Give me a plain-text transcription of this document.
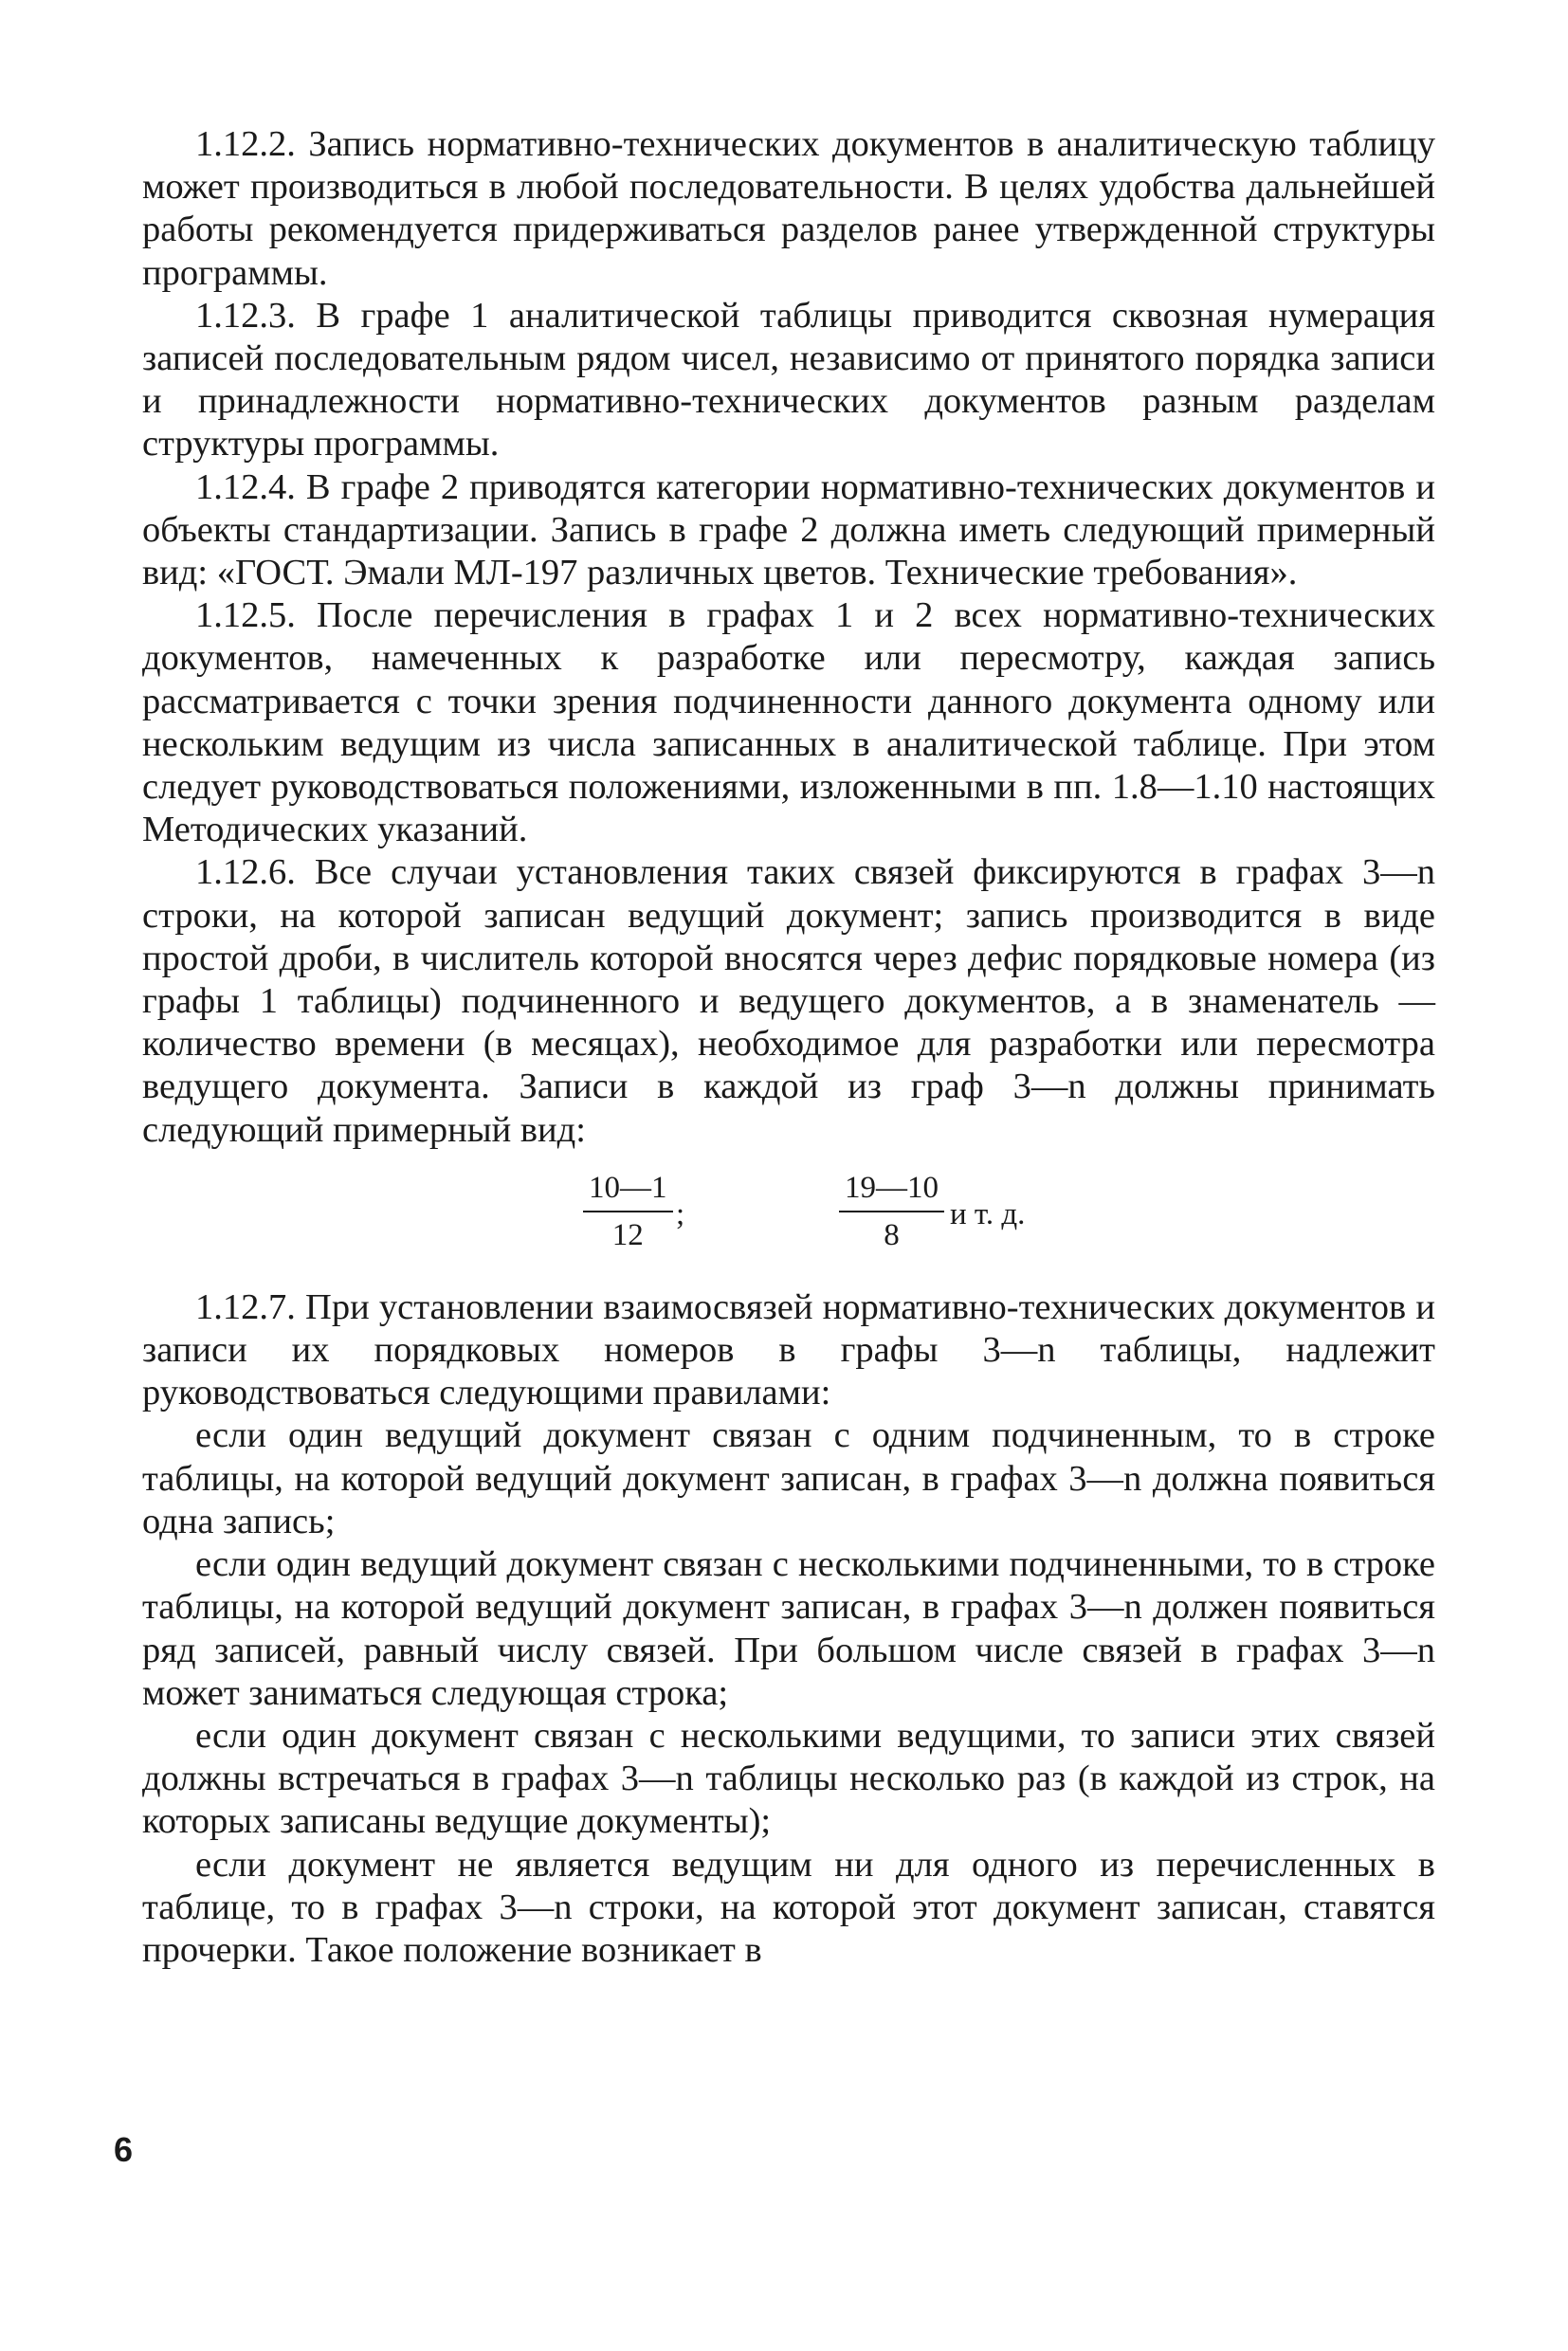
1.12.2. Запись нормативно-технических документов в аналитическую таблицу может производиться в любой последовательности. В целях удобства дальнейшей работы рекомендуется придерживаться разделов ранее утвержденной структуры программы.

1.12.3. В графе 1 аналитической таблицы приводится сквозная нумерация записей последовательным рядом чисел, независимо от принятого порядка записи и принадлежности нормативно-технических документов разным разделам структуры программы.

1.12.4. В графе 2 приводятся категории нормативно-технических документов и объекты стандартизации. Запись в графе 2 должна иметь следующий примерный вид: «ГОСТ. Эмали МЛ-197 различных цветов. Технические требования».

1.12.5. После перечисления в графах 1 и 2 всех нормативно-технических документов, намеченных к разработке или пересмотру, каждая запись рассматривается с точки зрения подчиненности данного документа одному или нескольким ведущим из числа записанных в аналитической таблице. При этом следует руководствоваться положениями, изложенными в пп. 1.8—1.10 настоящих Методических указаний.

1.12.6. Все случаи установления таких связей фиксируются в графах 3—n строки, на которой записан ведущий документ; запись производится в виде простой дроби, в числитель которой вносятся через дефис порядковые номера (из графы 1 таблицы) подчиненного и ведущего документов, а в знаменатель — количество времени (в месяцах), необходимое для разработки или пересмотра ведущего документа. Записи в каждой из граф 3—n должны принимать следующий примерный вид:

$\frac{10—1}{12}$ ;	$\frac{19—10}{8}$ и т. д.

1.12.7. При установлении взаимосвязей нормативно-технических документов и записи их порядковых номеров в графы 3—n таблицы, надлежит руководствоваться следующими правилами:

если один ведущий документ связан с одним подчиненным, то в строке таблицы, на которой ведущий документ записан, в графах 3—n должна появиться одна запись;

если один ведущий документ связан с несколькими подчиненными, то в строке таблицы, на которой ведущий документ записан, в графах 3—n должен появиться ряд записей, равный числу связей. При большом числе связей в графах 3—n может заниматься следующая строка;

если один документ связан с несколькими ведущими, то записи этих связей должны встречаться в графах 3—n таблицы несколько раз (в каждой из строк, на которых записаны ведущие документы);

если документ не является ведущим ни для одного из перечисленных в таблице, то в графах 3—n строки, на которой этот документ записан, ставятся прочерки. Такое положение возникает в

6
